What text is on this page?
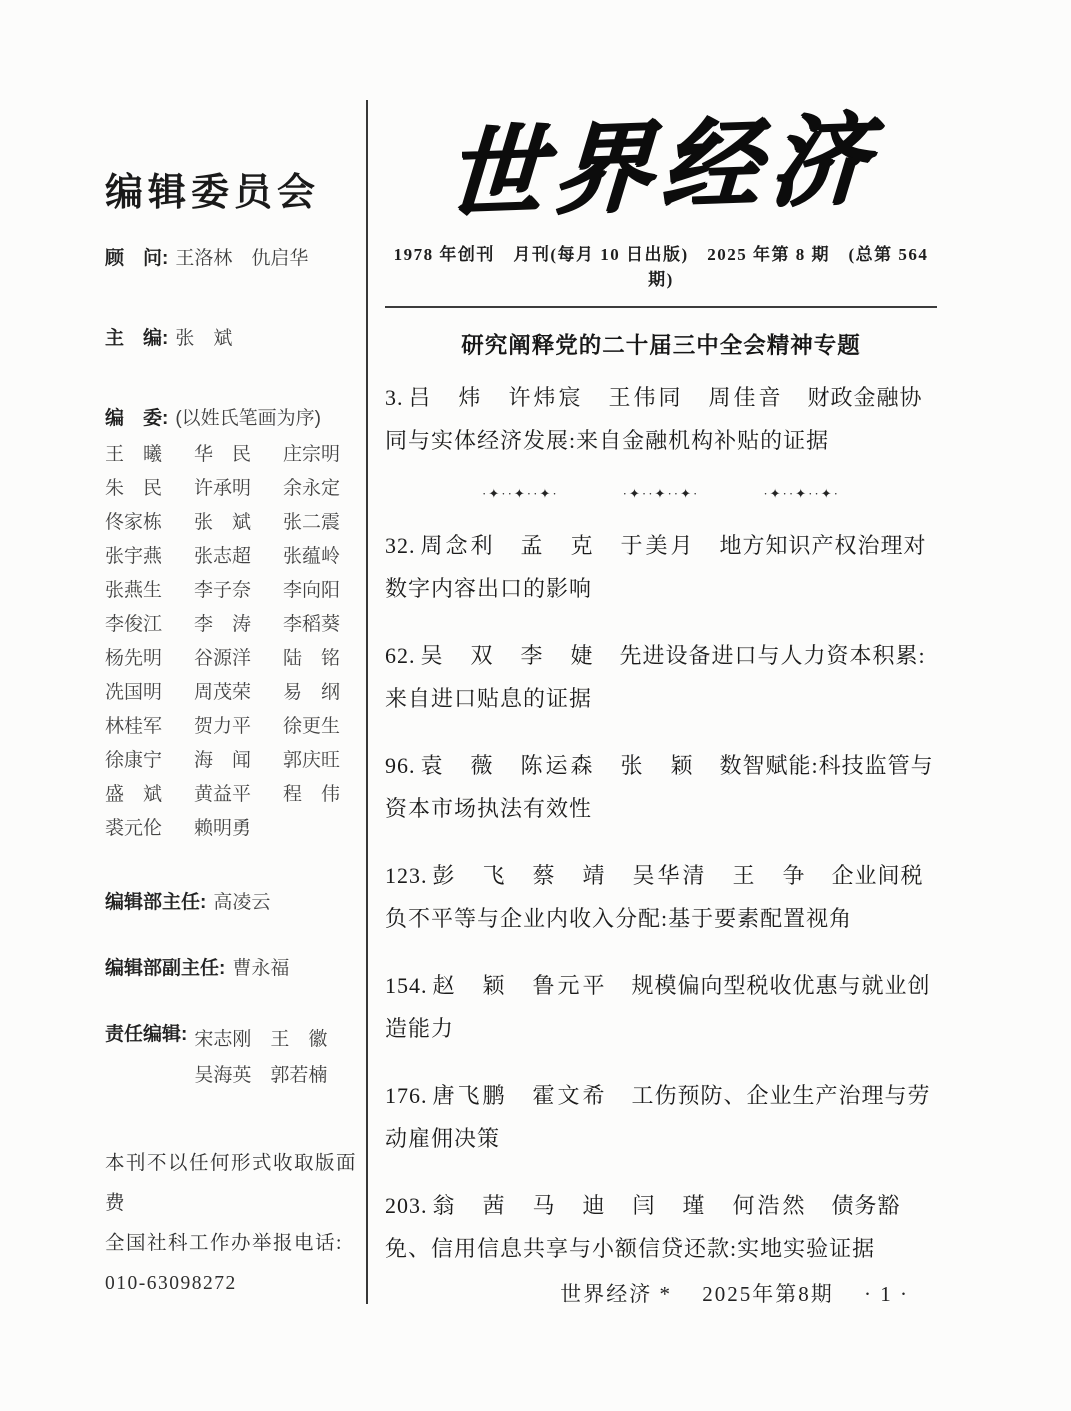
编辑委员会
顾　问: 王洛林　仇启华
主　编: 张　斌
编　委: (以姓氏笔画为序)
王　曦	华　民	庄宗明
朱　民	许承明	余永定
佟家栋	张　斌	张二震
张宇燕	张志超	张蕴岭
张燕生	李子奈	李向阳
李俊江	李　涛	李稻葵
杨先明	谷源洋	陆　铭
冼国明	周茂荣	易　纲
林桂军	贺力平	徐更生
徐康宁	海　闻	郭庆旺
盛　斌	黄益平	程　伟
裘元伦	赖明勇
编辑部主任: 高凌云
编辑部副主任: 曹永福
责任编辑: 宋志刚　王　徽
吴海英　郭若楠
本刊不以任何形式收取版面费
全国社科工作办举报电话:
010-63098272
世界经济
1978 年创刊　月刊(每月 10 日出版)　2025 年第 8 期　(总第 564 期)
研究阐释党的二十届三中全会精神专题

3. 吕　炜　许炜宸　王伟同　周佳音 财政金融协同与实体经济发展:来自金融机构补贴的证据

·✦··✦··✦·	·✦··✦··✦·	·✦··✦··✦·

32. 周念利　孟　克　于美月 地方知识产权治理对数字内容出口的影响

62. 吴　双　李　婕 先进设备进口与人力资本积累:来自进口贴息的证据

96. 袁　薇　陈运森　张　颖 数智赋能:科技监管与资本市场执法有效性

123. 彭　飞　蔡　靖　吴华清　王　争 企业间税负不平等与企业内收入分配:基于要素配置视角

154. 赵　颖　鲁元平 规模偏向型税收优惠与就业创造能力

176. 唐飞鹏　霍文希 工伤预防、企业生产治理与劳动雇佣决策

203. 翁　茜　马　迪　闫　瑾　何浩然 债务豁免、信用信息共享与小额信贷还款:实地实验证据

世界经济 *　 2025年第8期　 · 1 ·
